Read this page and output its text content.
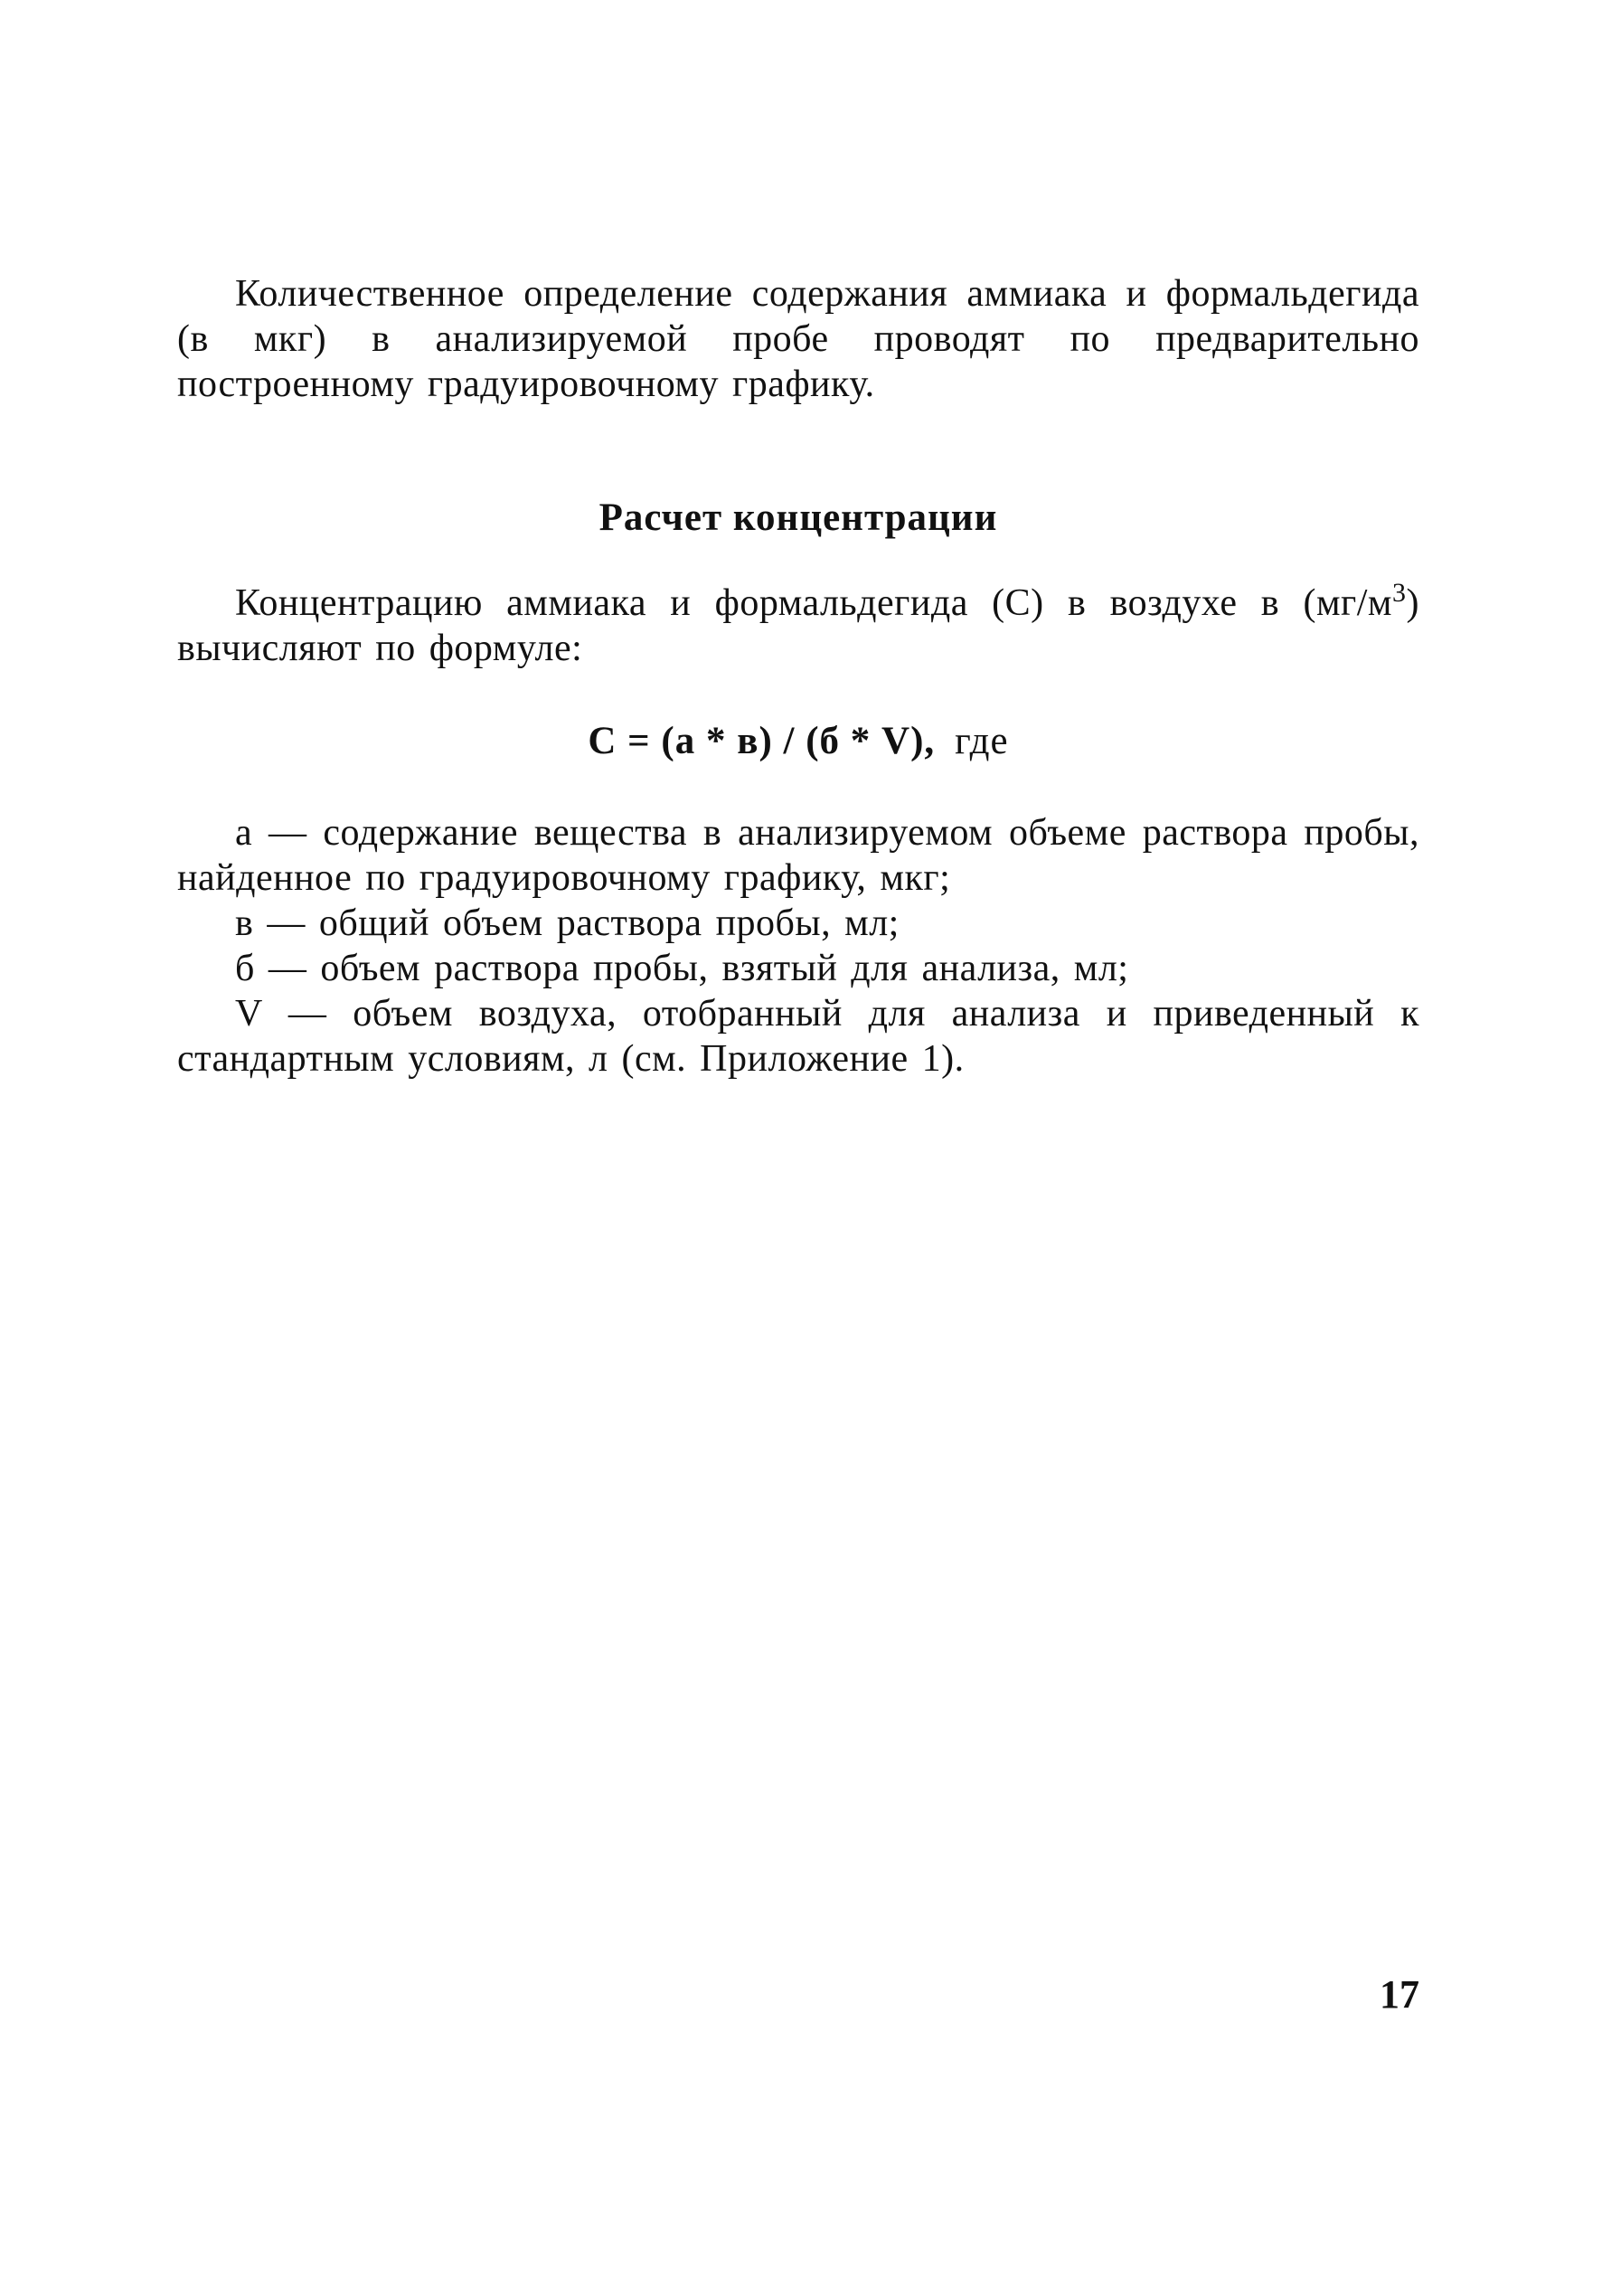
Количественное определение содержания аммиака и формальдегида (в мкг) в анализируемой пробе проводят по предварительно построенному градуировочному графику.
Расчет концентрации
Концентрацию аммиака и формальдегида (С) в воздухе в $(мг/м^3)$ вычисляют по формуле:
С = (а * в) / (б * V), где

а — содержание вещества в анализируемом объеме раствора пробы, найденное по градуировочному графику, мкг;

в — общий объем раствора пробы, мл;

б — объем раствора пробы, взятый для анализа, мл;

V — объем воздуха, отобранный для анализа и приведенный к стандартным условиям, л (см. Приложение 1).

17
